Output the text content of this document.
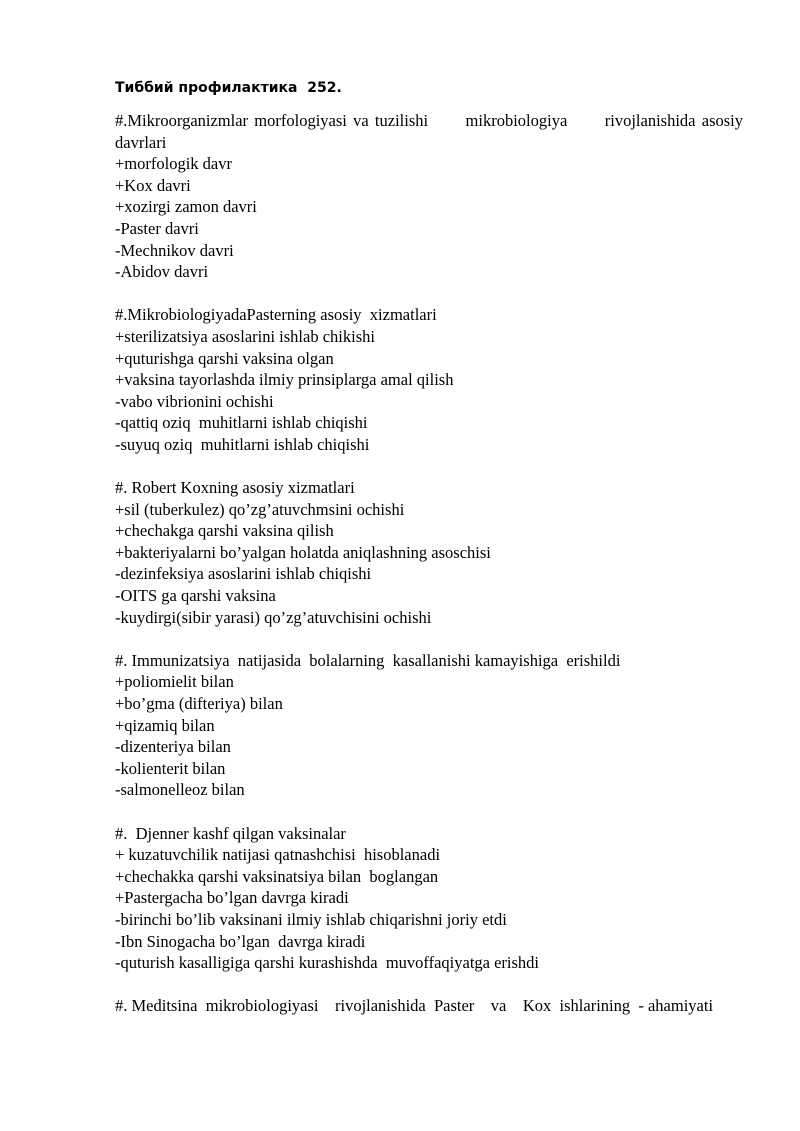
Тиббий профилактика  252.
#.Mikroorganizmlar morfologiyasi va tuzilishi      mikrobiologiya      rivojlanishida asosiy davrlari
+morfologik davr
+Kox davri
+xozirgi zamon davri
-Paster davri
-Mechnikov davri
-Abidov davri
#.MikrobiologiyadaPasterning asosiy  xizmatlari
+sterilizatsiya asoslarini ishlab chikishi
+quturishga qarshi vaksina olgan
+vaksina tayorlashda ilmiy prinsiplarga amal qilish
-vabo vibrionini ochishi
-qattiq oziq  muhitlarni ishlab chiqishi
-suyuq oziq  muhitlarni ishlab chiqishi
#. Robert Koxning asosiy xizmatlari
+sil (tuberkulez) qo’zg’atuvchmsini ochishi
+chechakga qarshi vaksina qilish
+bakteriyalarni bo’yalgan holatda aniqlashning asoschisi
-dezinfeksiya asoslarini ishlab chiqishi
-OITS ga qarshi vaksina
-kuydirgi(sibir yarasi) qo’zg’atuvchisini ochishi
#. Immunizatsiya  natijasida  bolalarning  kasallanishi kamayishiga  erishildi
+poliomielit bilan
+bo’gma (difteriya) bilan
+qizamiq bilan
-dizenteriya bilan
-kolienterit bilan
-salmonelleoz bilan
#.  Djenner kashf qilgan vaksinalar
+ kuzatuvchilik natijasi qatnashchisi  hisoblanadi
+chechakka qarshi vaksinatsiya bilan  boglangan
+Pastergacha bo’lgan davrga kiradi
-birinchi bo’lib vaksinani ilmiy ishlab chiqarishni joriy etdi
-Ibn Sinogacha bo’lgan  davrga kiradi
-quturish kasalligiga qarshi kurashishda  muvoffaqiyatga erishdi
#. Meditsina  mikrobiologiyasi    rivojlanishida  Paster    va    Kox  ishlarining  - ahamiyati
